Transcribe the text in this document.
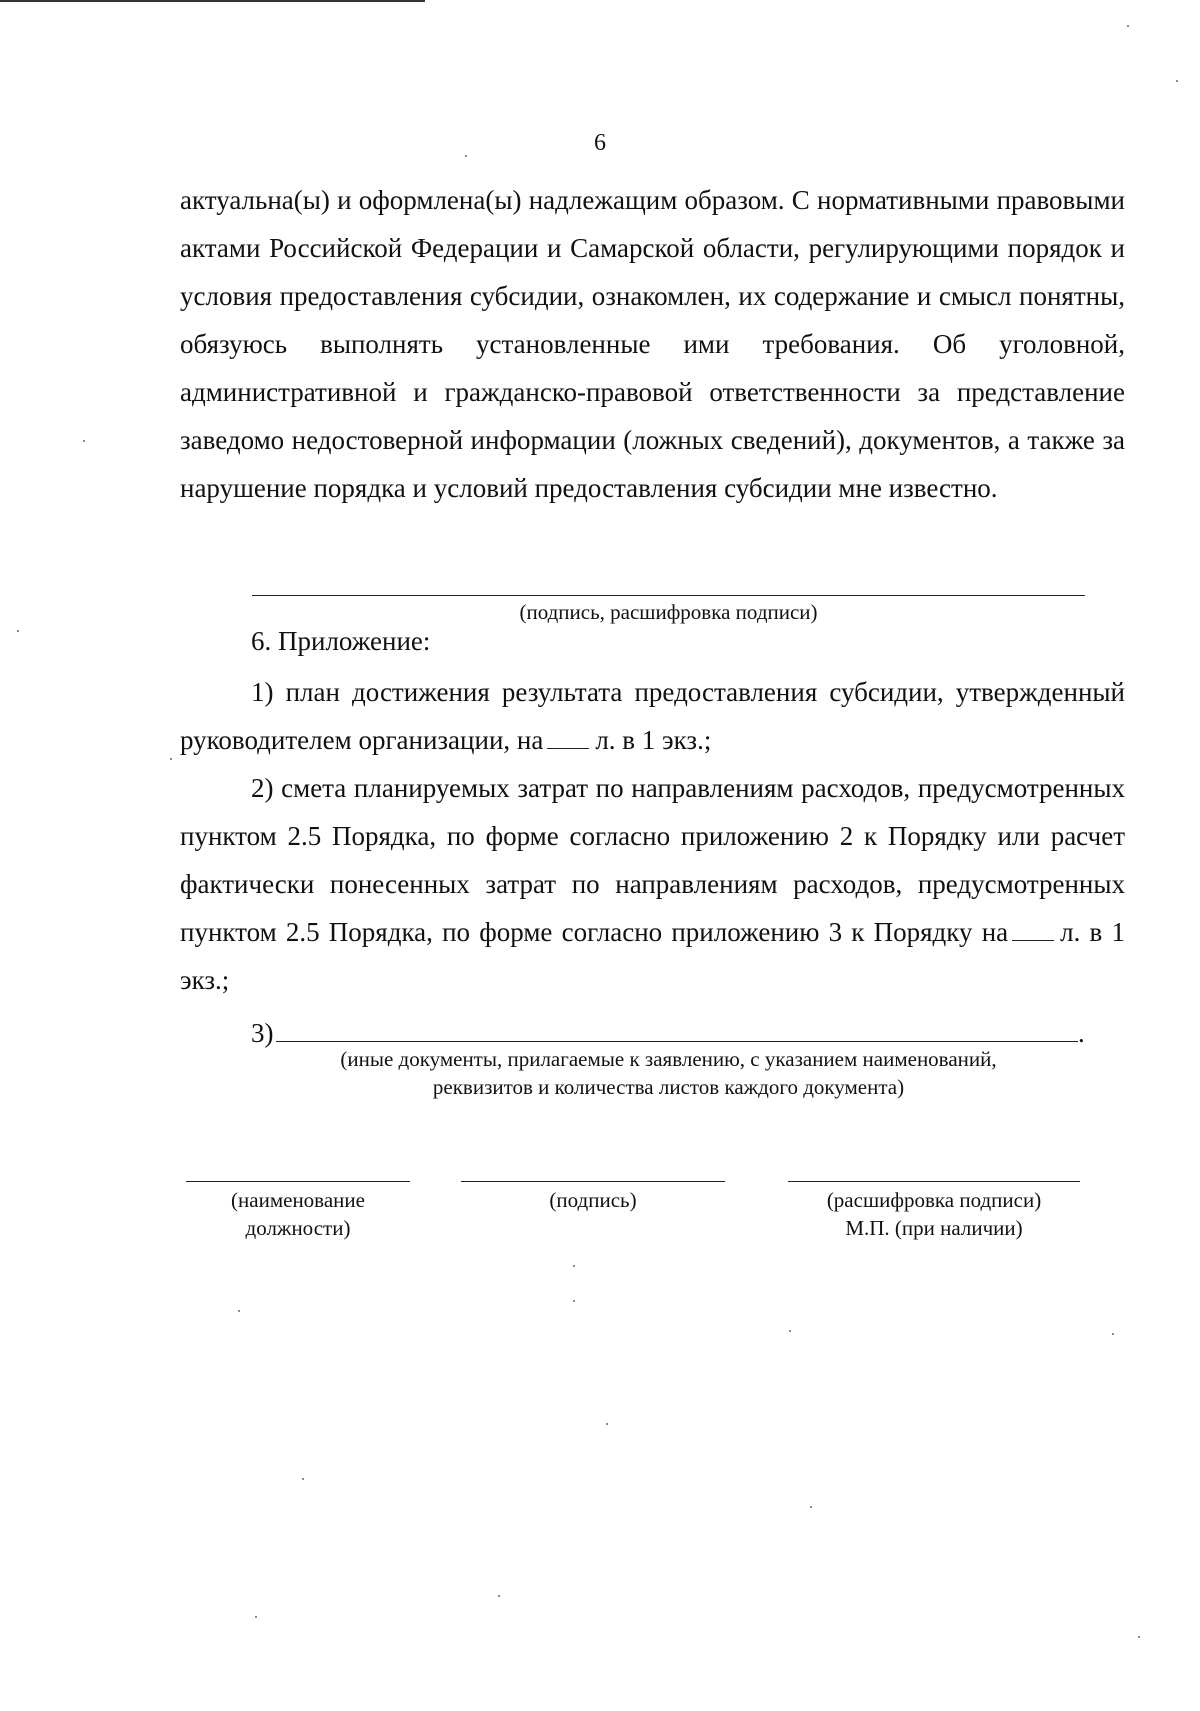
6

актуальна(ы) и оформлена(ы) надлежащим образом. С нормативными правовыми актами Российской Федерации и Самарской области, регулирующими порядок и условия предоставления субсидии, ознакомлен, их содержание и смысл понятны, обязуюсь выполнять установленные ими требования. Об уголовной, административной и гражданско-правовой ответственности за представление заведомо недостоверной информации (ложных сведений), документов, а также за нарушение порядка и условий предоставления субсидии мне известно.

(подпись, расшифровка подписи)
6. Приложение:

1) план достижения результата предоставления субсидии, утвержденный руководителем организации, на л. в 1 экз.;

2) смета планируемых затрат по направлениям расходов, предусмотренных пунктом 2.5 Порядка, по форме согласно приложению 2 к Порядку или расчет фактически понесенных затрат по направлениям расходов, предусмотренных пунктом 2.5 Порядка, по форме согласно приложению 3 к Порядку на л. в 1 экз.;

3)	.
(иные документы, прилагаемые к заявлению, с указанием наименований,
реквизитов и количества листов каждого документа)
(наименование
должности)
(подпись)	(расшифровка подписи)
М.П. (при наличии)
